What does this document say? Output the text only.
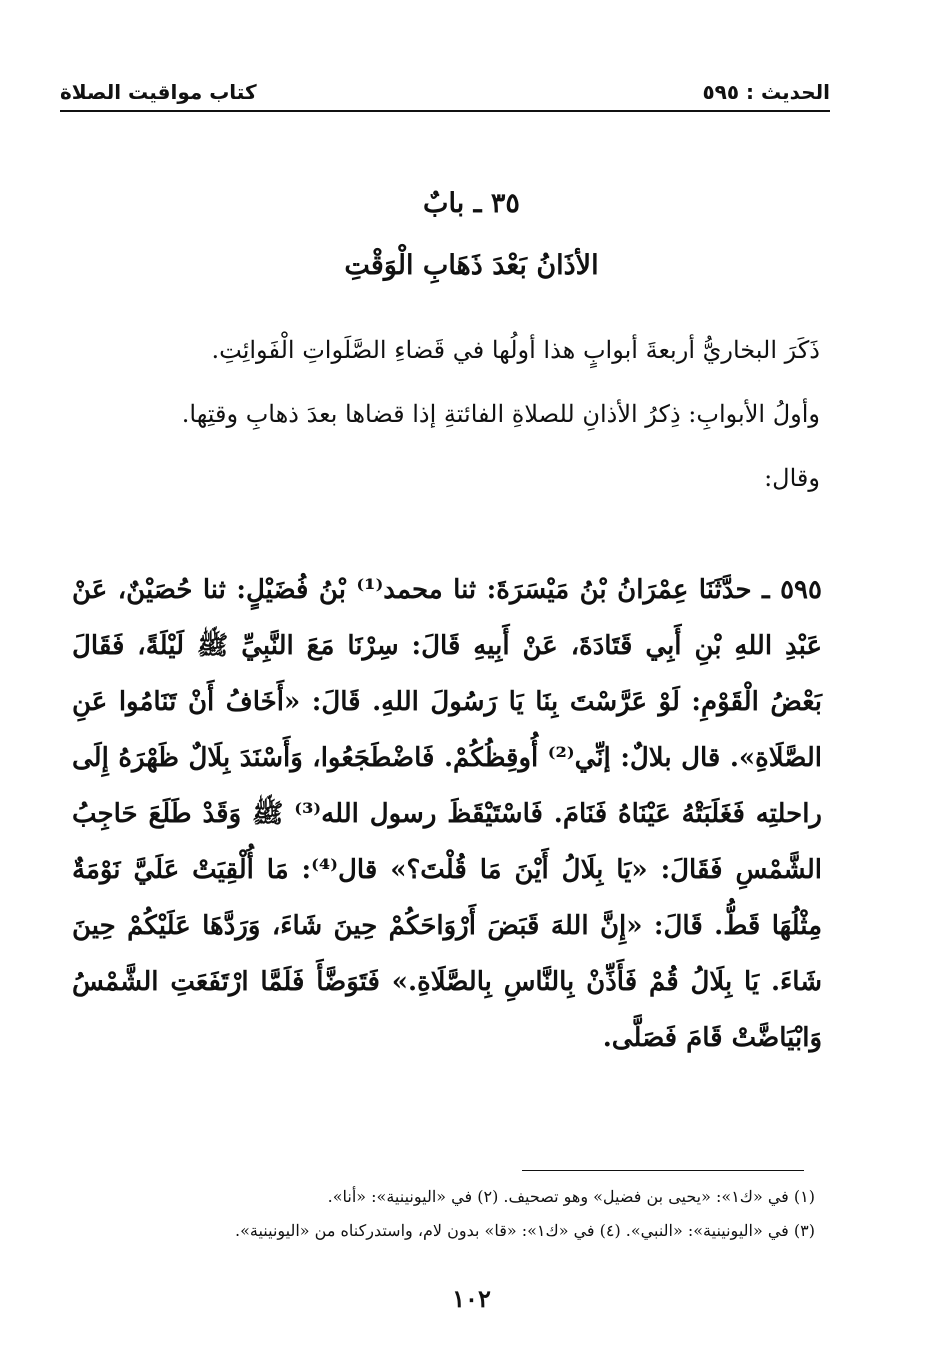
الحديث : ٥٩٥
كتاب مواقيت الصلاة
٣٥ ـ بابٌ
الأذَانُ بَعْدَ ذَهَابِ الْوَقْتِ

ذَكَرَ البخاريُّ أربعةَ أبوابٍ هذا أولُها في قَضاءِ الصَّلَواتِ الْفَوائِتِ.

وأولُ الأبوابِ: ذِكرُ الأذانِ للصلاةِ الفائتةِ إذا قضاها بعدَ ذهابِ وقتِها.

وقال:

٥٩٥ ـ حدَّثَنَا عِمْرَانُ بْنُ مَيْسَرَةَ: ثنا محمد⁽¹⁾ بْنُ فُضَيْلٍ: ثنا حُصَيْنٌ، عَنْ عَبْدِ اللهِ بْنِ أَبِي قَتَادَةَ، عَنْ أَبِيهِ قَالَ: سِرْنَا مَعَ النَّبِيِّ ﷺ لَيْلَةً، فَقَالَ بَعْضُ الْقَوْمِ: لَوْ عَرَّسْتَ بِنَا يَا رَسُولَ اللهِ. قَالَ: «أَخَافُ أَنْ تَنَامُوا عَنِ الصَّلَاةِ». قال بلالٌ: إنِّي⁽²⁾ أُوقِظُكُمْ. فَاضْطَجَعُوا، وَأَسْنَدَ بِلَالٌ ظَهْرَهُ إِلَى راحلتِه فَغَلَبَتْهُ عَيْنَاهُ فَنَامَ. فَاسْتَيْقَظَ رسول الله⁽³⁾ ﷺ وَقَدْ طَلَعَ حَاجِبُ الشَّمْسِ فَقَالَ: «يَا بِلَالُ أَيْنَ مَا قُلْتَ؟» قال⁽⁴⁾: مَا أُلْقِيَتْ عَلَيَّ نَوْمَةٌ مِثْلُهَا قَطُّ. قَالَ: «إِنَّ اللهَ قَبَضَ أَرْوَاحَكُمْ حِينَ شَاءَ، وَرَدَّهَا عَلَيْكُمْ حِينَ شَاءَ. يَا بِلَالُ قُمْ فَأَذِّنْ بِالنَّاسِ بِالصَّلَاةِ.» فَتَوَضَّأَ فَلَمَّا ارْتَفَعَتِ الشَّمْسُ وَابْيَاضَّتْ قَامَ فَصَلَّى.

(١) في «ك١»: «يحيى بن فضيل» وهو تصحيف. (٢) في «اليونينية»: «أنا».

(٣) في «اليونينية»: «النبي». (٤) في «ك١»: «قا» بدون لام، واستدركناه من «اليونينية».

١٠٢
